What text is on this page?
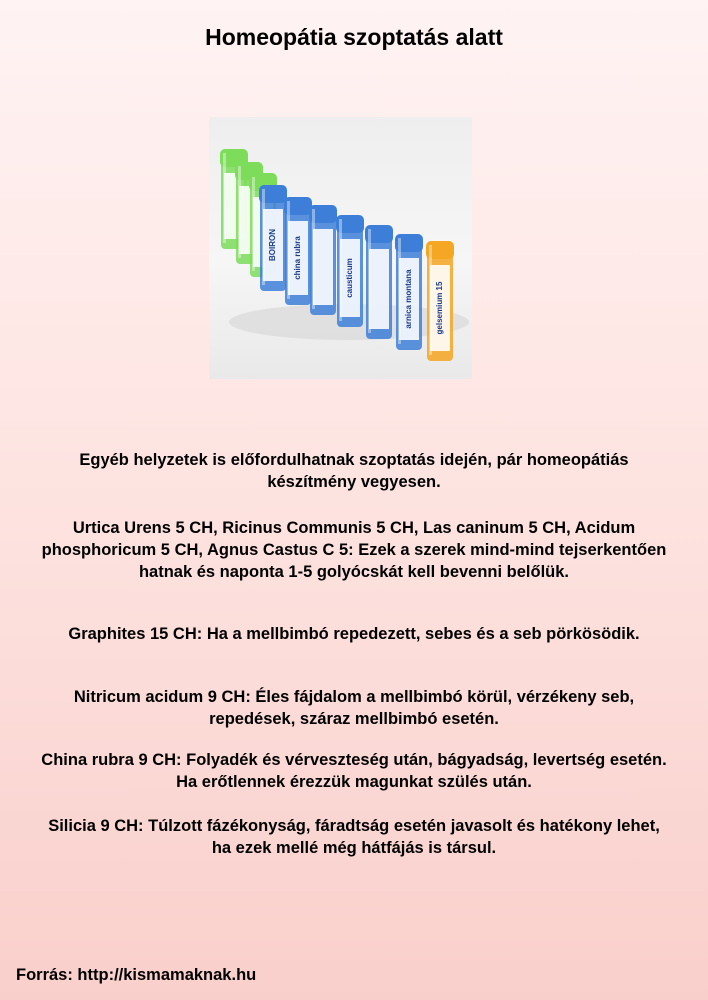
Homeopátia szoptatás alatt
BOIRON china rubra	causticum	arnica montana	gelsemium 15
Egyéb helyzetek is előfordulhatnak szoptatás idején, pár homeopátiás készítmény vegyesen.
Urtica Urens 5 CH, Ricinus Communis 5 CH, Las caninum 5 CH, Acidum phosphoricum 5 CH, Agnus Castus C 5: Ezek a szerek mind-mind tejserkentően hatnak és naponta 1-5 golyócskát kell bevenni belőlük.
Graphites 15 CH: Ha a mellbimbó repedezett, sebes és a seb pörkösödik.
Nitricum acidum 9 CH: Éles fájdalom a mellbimbó körül, vérzékeny seb, repedések, száraz mellbimbó esetén.
China rubra 9 CH: Folyadék és vérveszteség után, bágyadság, levertség esetén. Ha erőtlennek érezzük magunkat szülés után.
Silicia 9 CH: Túlzott fázékonyság, fáradtság esetén javasolt és hatékony lehet, ha ezek mellé még hátfájás is társul.
Forrás: http://kismamaknak.hu
